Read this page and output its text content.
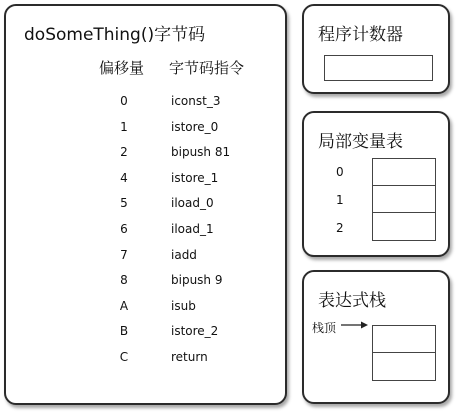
doSomeThing()字节码
偏移量 字节码指令
0	iconst_3
1	istore_0
2	bipush 81
4	istore_1
5	iload_0
6	iload_1
7	iadd
8	bipush 9
A	isub
B	istore_2
C	return
程序计数器
局部变量表
0
1
2
表达式栈
栈顶
